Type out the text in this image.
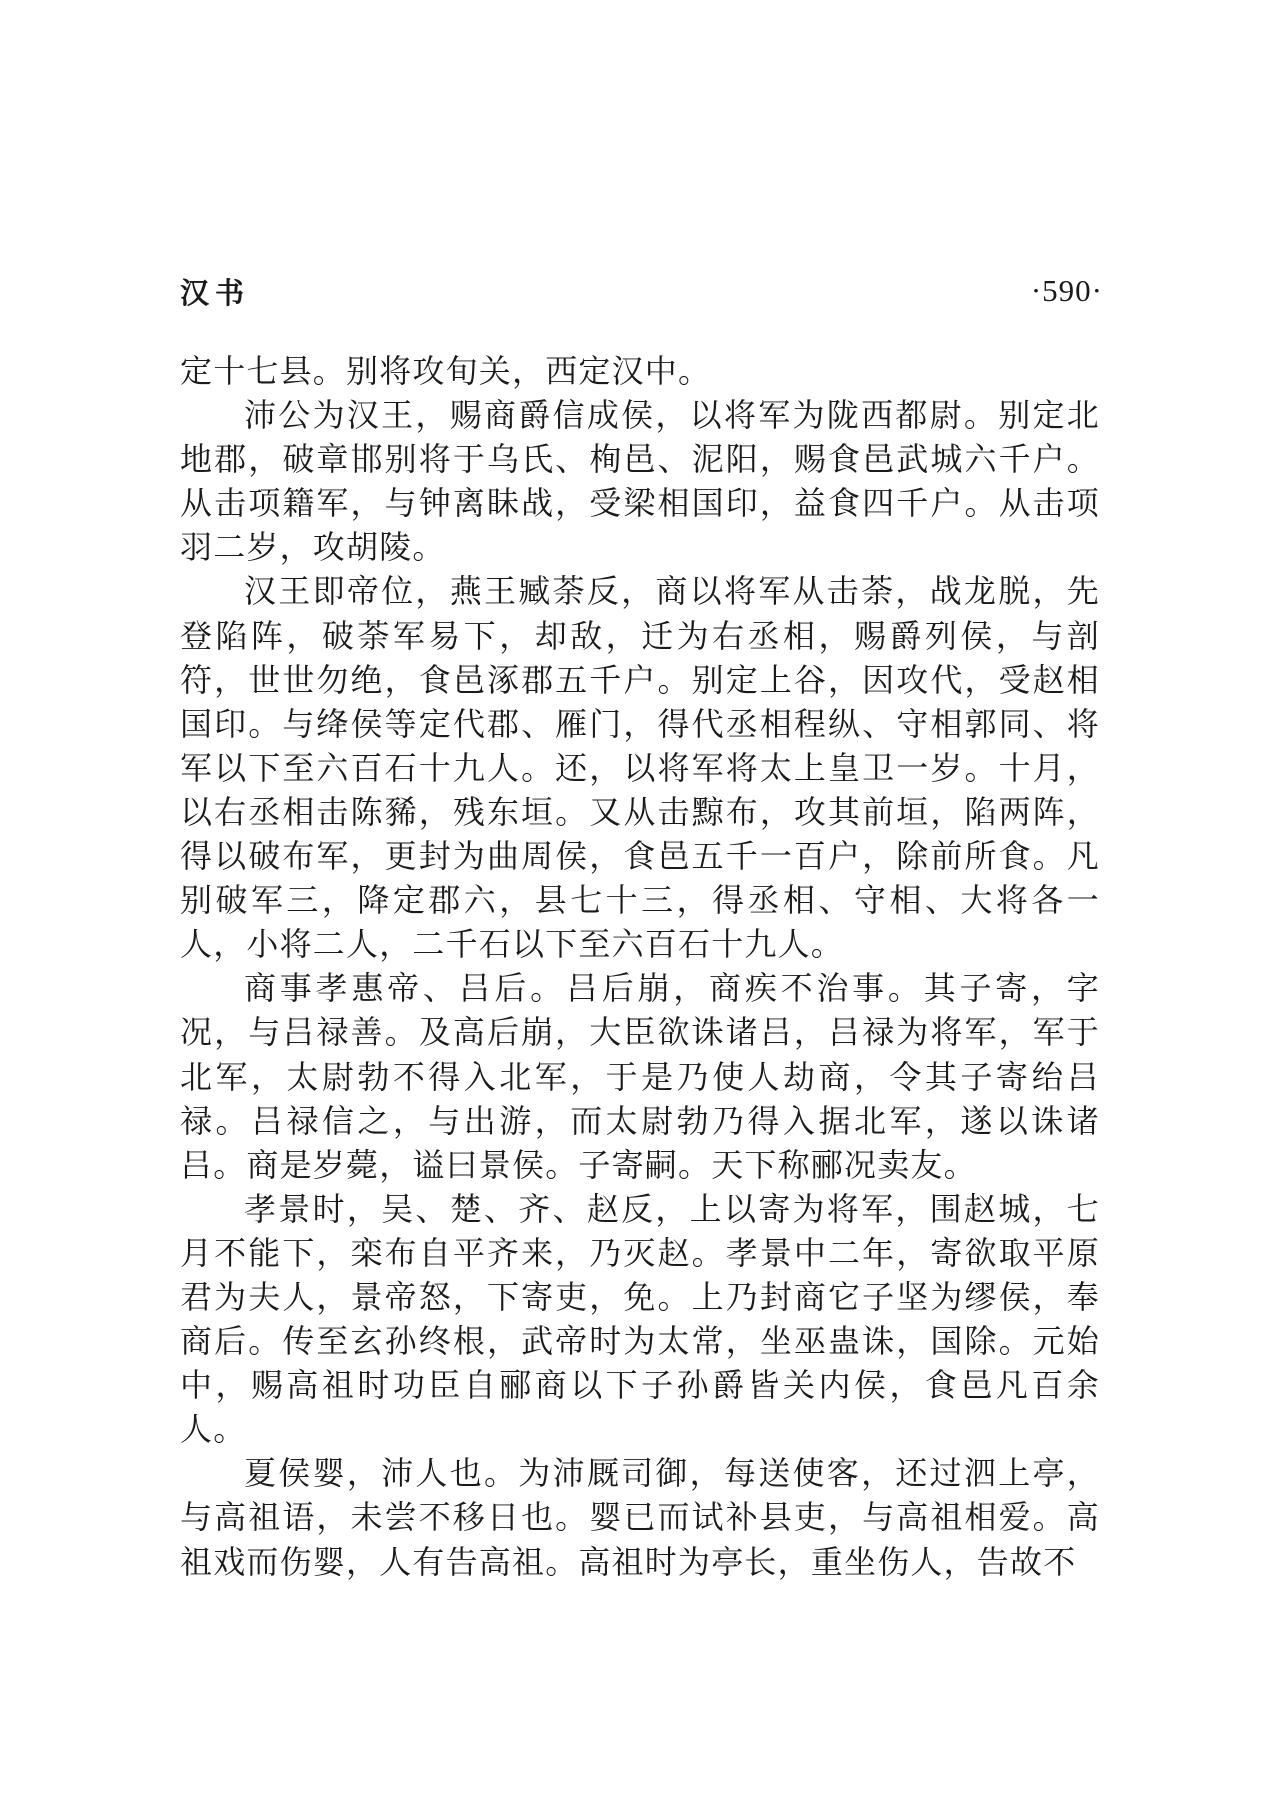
汉书	·590·

定十七县。别将攻旬关，西定汉中。

沛公为汉王，赐商爵信成侯，以将军为陇西都尉。别定北地郡，破章邯别将于乌氏、栒邑、泥阳，赐食邑武城六千户。从击项籍军，与钟离眛战，受梁相国印，益食四千户。从击项羽二岁，攻胡陵。

汉王即帝位，燕王臧荼反，商以将军从击荼，战龙脱，先登陷阵，破荼军易下，却敌，迁为右丞相，赐爵列侯，与剖符，世世勿绝，食邑涿郡五千户。别定上谷，因攻代，受赵相国印。与绛侯等定代郡、雁门，得代丞相程纵、守相郭同、将军以下至六百石十九人。还，以将军将太上皇卫一岁。十月，以右丞相击陈豨，残东垣。又从击黥布，攻其前垣，陷两阵，得以破布军，更封为曲周侯，食邑五千一百户，除前所食。凡别破军三，降定郡六，县七十三，得丞相、守相、大将各一人，小将二人，二千石以下至六百石十九人。

商事孝惠帝、吕后。吕后崩，商疾不治事。其子寄，字况，与吕禄善。及高后崩，大臣欲诛诸吕，吕禄为将军，军于北军，太尉勃不得入北军，于是乃使人劫商，令其子寄绐吕禄。吕禄信之，与出游，而太尉勃乃得入据北军，遂以诛诸吕。商是岁薨，谥曰景侯。子寄嗣。天下称郦况卖友。

孝景时，吴、楚、齐、赵反，上以寄为将军，围赵城，七月不能下，栾布自平齐来，乃灭赵。孝景中二年，寄欲取平原君为夫人，景帝怒，下寄吏，免。上乃封商它子坚为缪侯，奉商后。传至玄孙终根，武帝时为太常，坐巫蛊诛，国除。元始中，赐高祖时功臣自郦商以下子孙爵皆关内侯，食邑凡百余人。

夏侯婴，沛人也。为沛厩司御，每送使客，还过泗上亭，与高祖语，未尝不移日也。婴已而试补县吏，与高祖相爱。高祖戏而伤婴，人有告高祖。高祖时为亭长，重坐伤人，告故不
